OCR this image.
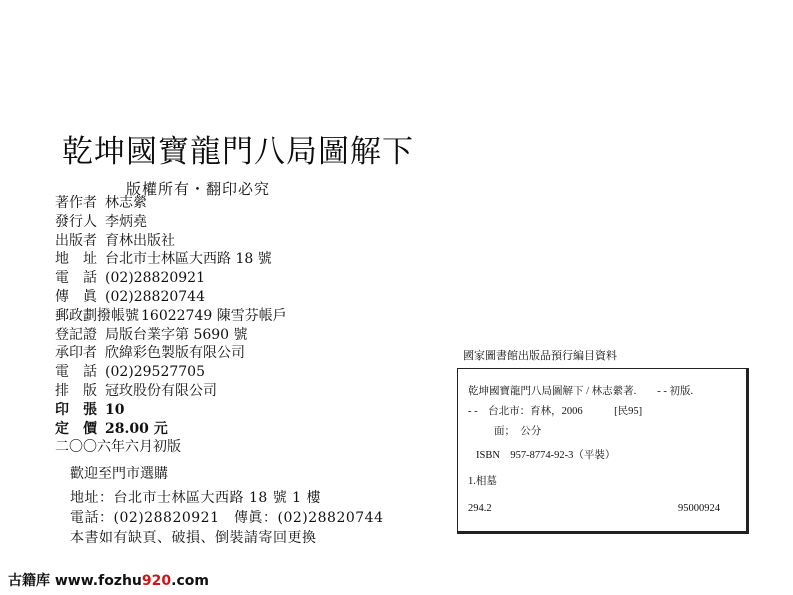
乾坤國寶龍門八局圖解下
版權所有・翻印必究
著作者 林志縈
發行人 李炳堯
出版者 育林出版社
地　址 台北市士林區大西路 18 號
電　話 (02)28820921
傳　眞 (02)28820744
郵政劃撥帳號 16022749 陳雪芬帳戶
登記證 局版台業字第 5690 號
承印者 欣緯彩色製版有限公司
電　話 (02)29527705
排　版 冠玫股份有限公司
印　張 10
定　價 28.00 元
二〇〇六年六月初版
歡迎至門市選購
地址：台北市士林區大西路 18 號 1 樓
電話：(02)28820921　傳眞：(02)28820744
本書如有缺頁、破損、倒裝請寄回更換
國家圖書館出版品預行編目資料
乾坤國寶龍門八局圖解下 / 林志縈著.　　- - 初版.
- -　台北市：育林，2006　　　[民95]
面；　公分
ISBN　957-8774-92-3（平裝）
1.相墓
294.2	95000924
古籍库 www.fozhu920.com
